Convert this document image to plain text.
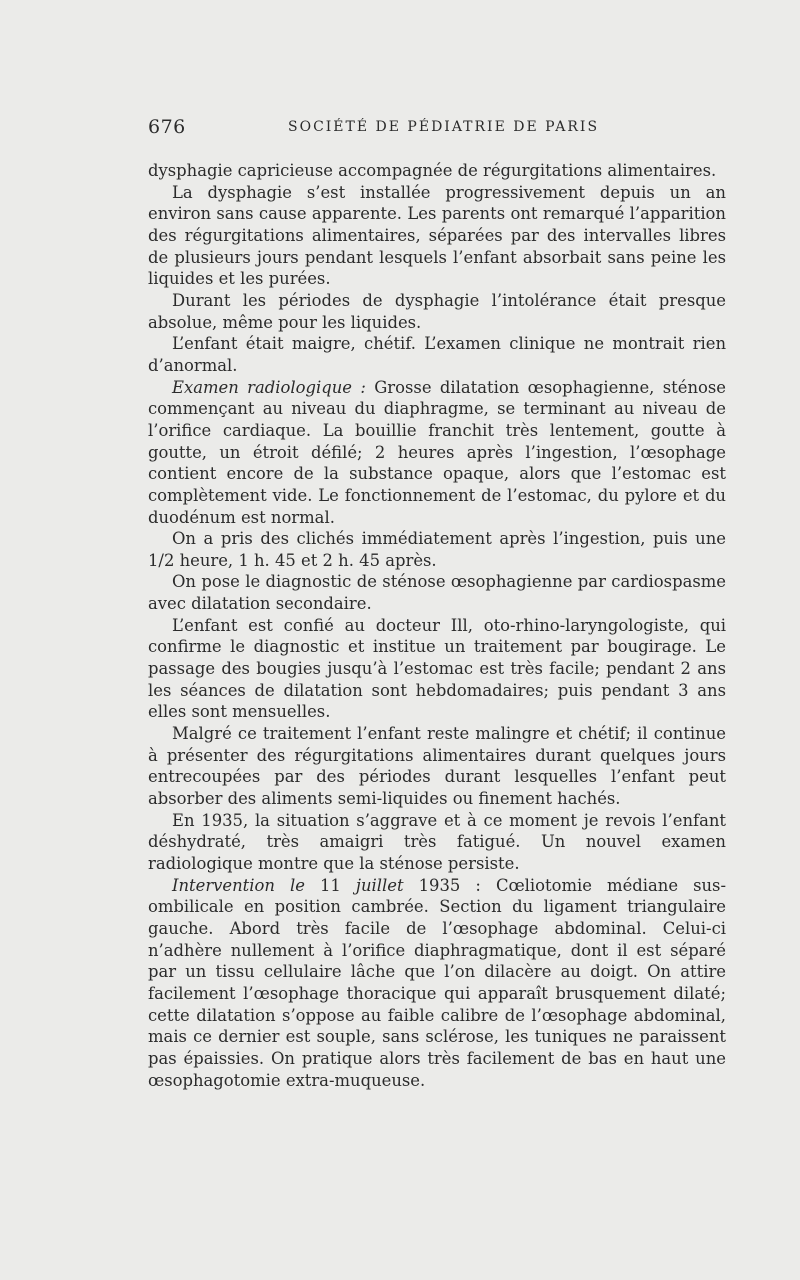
676	SOCIÉTÉ DE PÉDIATRIE DE PARIS

dysphagie capricieuse accompagnée de régurgitations alimentaires.

La dysphagie s’est installée progressivement depuis un an environ sans cause apparente. Les parents ont remarqué l’apparition des régurgitations alimentaires, séparées par des intervalles libres de plusieurs jours pendant lesquels l’enfant absorbait sans peine les liquides et les purées.

Durant les périodes de dysphagie l’intolérance était presque absolue, même pour les liquides.

L’enfant était maigre, chétif. L’examen clinique ne montrait rien d’anormal.

Examen radiologique : Grosse dilatation œsophagienne, sténose commençant au niveau du diaphragme, se terminant au niveau de l’orifice cardiaque. La bouillie franchit très lentement, goutte à goutte, un étroit défilé; 2 heures après l’ingestion, l’œsophage contient encore de la substance opaque, alors que l’estomac est complètement vide. Le fonctionnement de l’estomac, du pylore et du duodénum est normal.

On a pris des clichés immédiatement après l’ingestion, puis une 1/2 heure, 1 h. 45 et 2 h. 45 après.

On pose le diagnostic de sténose œsophagienne par cardiospasme avec dilatation secondaire.

L’enfant est confié au docteur Ill, oto-rhino-laryngologiste, qui confirme le diagnostic et institue un traitement par bougirage. Le passage des bougies jusqu’à l’estomac est très facile; pendant 2 ans les séances de dilatation sont hebdomadaires; puis pendant 3 ans elles sont mensuelles.

Malgré ce traitement l’enfant reste malingre et chétif; il continue à présenter des régurgitations alimentaires durant quelques jours entrecoupées par des périodes durant lesquelles l’enfant peut absorber des aliments semi-liquides ou finement hachés.

En 1935, la situation s’aggrave et à ce moment je revois l’enfant déshydraté, très amaigri très fatigué. Un nouvel examen radiologique montre que la sténose persiste.

Intervention le 11 juillet 1935 : Cœliotomie médiane sus-ombilicale en position cambrée. Section du ligament triangulaire gauche. Abord très facile de l’œsophage abdominal. Celui-ci n’adhère nullement à l’orifice diaphragmatique, dont il est séparé par un tissu cellulaire lâche que l’on dilacère au doigt. On attire facilement l’œsophage thoracique qui apparaît brusquement dilaté; cette dilatation s’oppose au faible calibre de l’œsophage abdominal, mais ce dernier est souple, sans sclérose, les tuniques ne paraissent pas épaissies. On pratique alors très facilement de bas en haut une œsophagotomie extra-muqueuse.
